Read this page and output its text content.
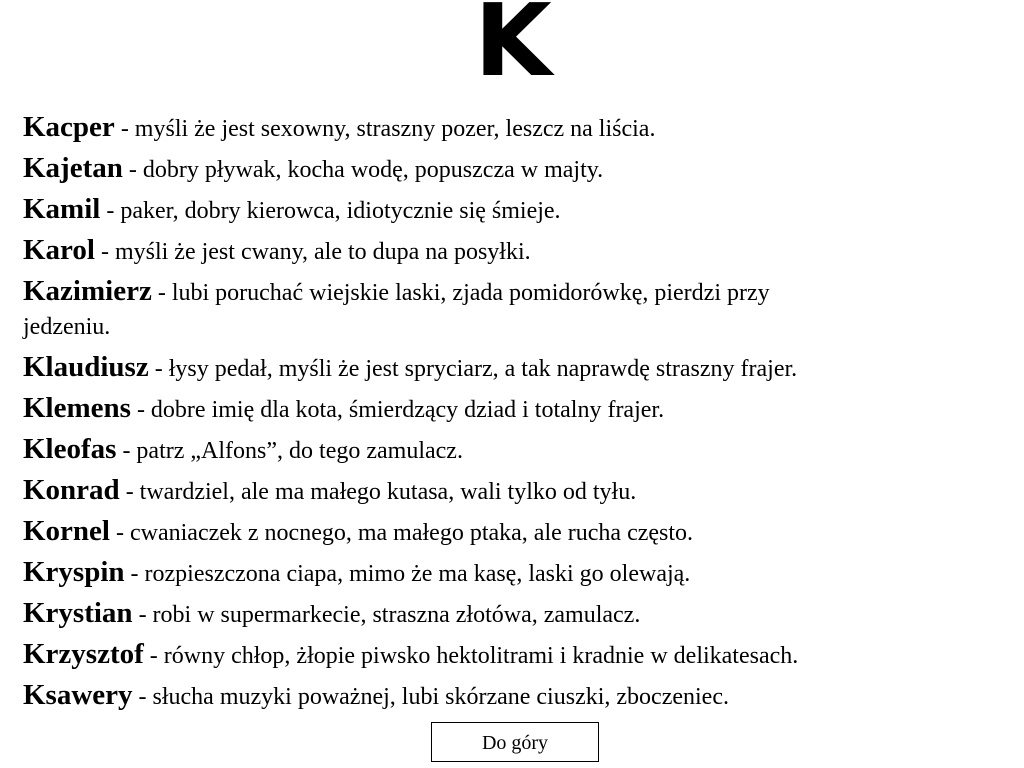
K

Kacper - myśli że jest sexowny, straszny pozer, leszcz na liścia.

Kajetan - dobry pływak, kocha wodę, popuszcza w majty.

Kamil - paker, dobry kierowca, idiotycznie się śmieje.

Karol - myśli że jest cwany, ale to dupa na posyłki.

Kazimierz - lubi poruchać wiejskie laski, zjada pomidorówkę, pierdzi przy
jedzeniu.

Klaudiusz - łysy pedał, myśli że jest spryciarz, a tak naprawdę straszny frajer.

Klemens - dobre imię dla kota, śmierdzący dziad i totalny frajer.

Kleofas - patrz „Alfons”, do tego zamulacz.

Konrad - twardziel, ale ma małego kutasa, wali tylko od tyłu.

Kornel - cwaniaczek z nocnego, ma małego ptaka, ale rucha często.

Kryspin - rozpieszczona ciapa, mimo że ma kasę, laski go olewają.

Krystian - robi w supermarkecie, straszna złotówa, zamulacz.

Krzysztof - równy chłop, żłopie piwsko hektolitrami i kradnie w delikatesach.

Ksawery - słucha muzyki poważnej, lubi skórzane ciuszki, zboczeniec.

Do góry
